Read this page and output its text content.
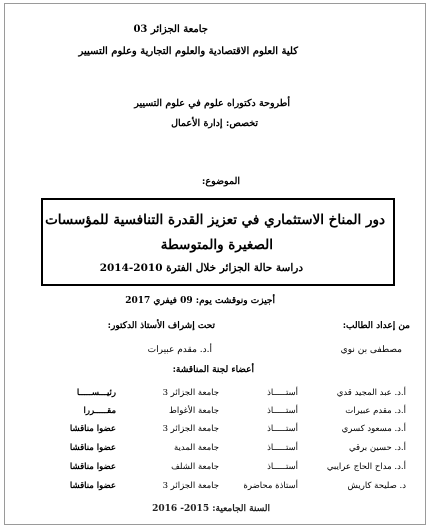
جامعة الجزائر 03
كلية العلوم الاقتصادية والعلوم التجارية وعلوم التسيير
أطروحة دكتوراه علوم في علوم التسيير
تخصص: إدارة الأعمال
الموضوع:
دور المناخ الاستثماري في تعزيز القدرة التنافسية للمؤسسات
الصغيرة والمتوسطة
دراسة حالة الجزائر خلال الفترة 2010-2014
أجيزت ونوقشت يوم: 09 فيفري 2017
من إعداد الطالب:
تحت إشراف الأستاذ الدكتور:
مصطفى بن نوي
أ.د. مقدم عبيرات
أعضاء لجنة المناقشة:
أ.د. عبد المجيد قدي
أستـــــاذ
جامعة الجزائر 3
رئيـــســـــا
أ.د. مقدم عبيرات
أستـــــاذ
جامعة الأغواط
مقـــــررا
أ.د. مسعود كسري
أستـــــاذ
جامعة الجزائر 3
عضوا مناقشا
أ.د. حسين برقي
أستـــــاذ
جامعة المدية
عضوا مناقشا
أ.د. مداح الحاج عرايبي
أستـــــاذ
جامعة الشلف
عضوا مناقشا
د. صليحة كاريش
أستاذة محاضرة
جامعة الجزائر 3
عضوا مناقشا
السنة الجامعية: 2015- 2016
